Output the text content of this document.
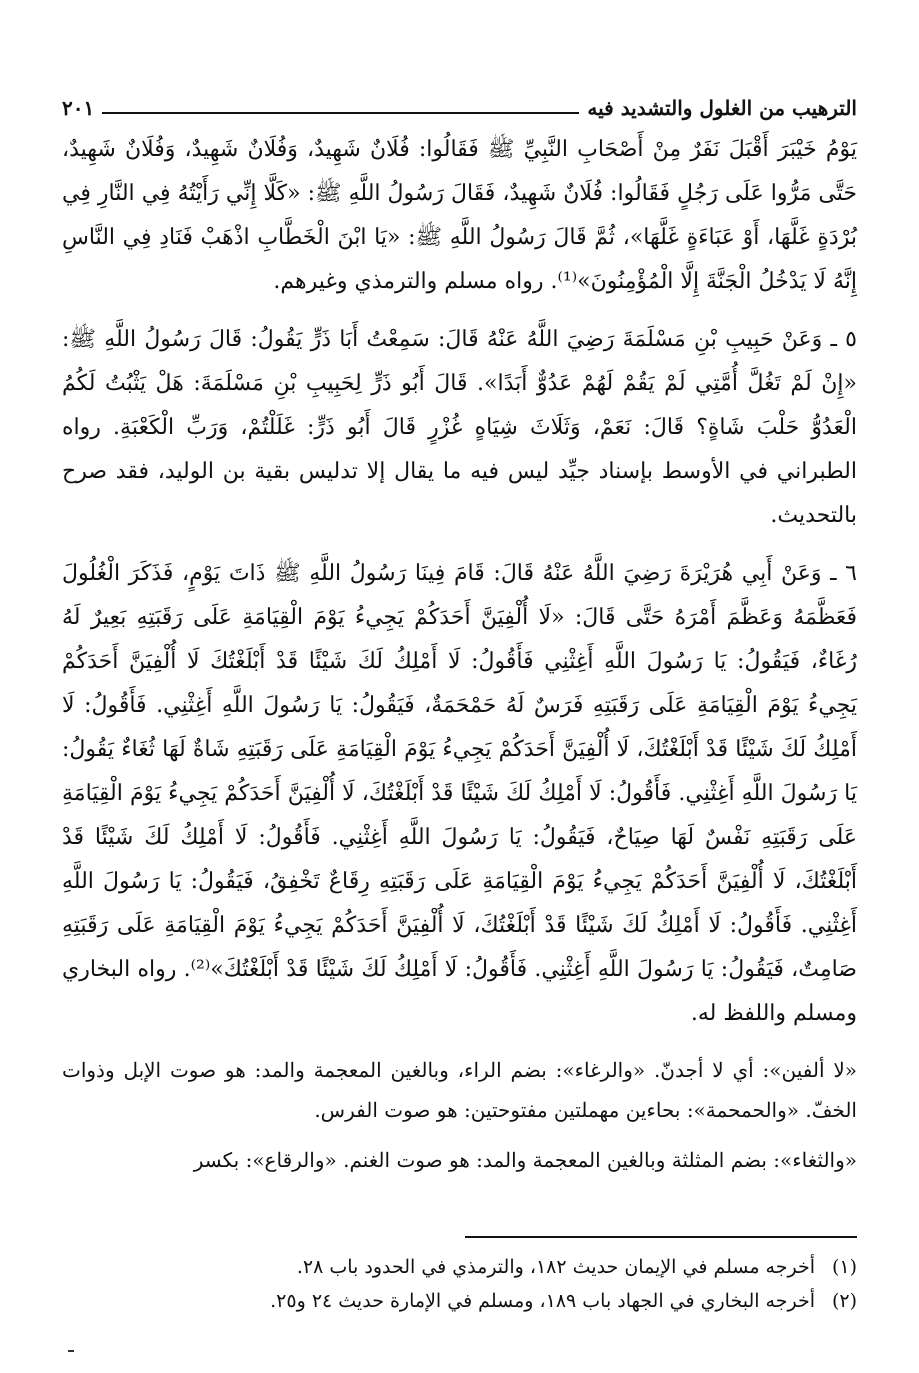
الترهيب من الغلول والتشديد فيه
٢٠١

يَوْمُ خَيْبَرَ أَقْبَلَ نَفَرٌ مِنْ أَصْحَابِ النَّبِيِّ ﷺ فَقَالُوا: فُلَانٌ شَهِيدٌ، وَفُلَانٌ شَهِيدٌ، وَفُلَانٌ شَهِيدٌ، حَتَّى مَرُّوا عَلَى رَجُلٍ فَقَالُوا: فُلَانٌ شَهِيدٌ، فَقَالَ رَسُولُ اللَّهِ ﷺ: «كَلَّا إِنِّي رَأَيْتُهُ فِي النَّارِ فِي بُرْدَةٍ غَلَّهَا، أَوْ عَبَاءَةٍ غَلَّهَا»، ثُمَّ قَالَ رَسُولُ اللَّهِ ﷺ: «يَا ابْنَ الْخَطَّابِ اذْهَبْ فَنَادِ فِي النَّاسِ إِنَّهُ لَا يَدْخُلُ الْجَنَّةَ إِلَّا الْمُؤْمِنُونَ»⁽¹⁾. رواه مسلم والترمذي وغيرهم.

٥ ـ وَعَنْ حَبِيبِ بْنِ مَسْلَمَةَ رَضِيَ اللَّهُ عَنْهُ قَالَ: سَمِعْتُ أَبَا ذَرٍّ يَقُولُ: قَالَ رَسُولُ اللَّهِ ﷺ: «إِنْ لَمْ تَغُلَّ أُمَّتِي لَمْ يَقُمْ لَهُمْ عَدُوٌّ أَبَدًا». قَالَ أَبُو ذَرٍّ لِحَبِيبِ بْنِ مَسْلَمَةَ: هَلْ يَثْبُتُ لَكُمُ الْعَدُوُّ حَلْبَ شَاةٍ؟ قَالَ: نَعَمْ، وَثَلَاثَ شِيَاهٍ غُزْرٍ قَالَ أَبُو ذَرٍّ: غَلَلْتُمْ، وَرَبِّ الْكَعْبَةِ. رواه الطبراني في الأوسط بإسناد جيِّد ليس فيه ما يقال إلا تدليس بقية بن الوليد، فقد صرح بالتحديث.

٦ ـ وَعَنْ أَبِي هُرَيْرَةَ رَضِيَ اللَّهُ عَنْهُ قَالَ: قَامَ فِينَا رَسُولُ اللَّهِ ﷺ ذَاتَ يَوْمٍ، فَذَكَرَ الْغُلُولَ فَعَظَّمَهُ وَعَظَّمَ أَمْرَهُ حَتَّى قَالَ: «لَا أُلْفِيَنَّ أَحَدَكُمْ يَجِيءُ يَوْمَ الْقِيَامَةِ عَلَى رَقَبَتِهِ بَعِيرٌ لَهُ رُغَاءٌ، فَيَقُولُ: يَا رَسُولَ اللَّهِ أَغِثْنِي فَأَقُولُ: لَا أَمْلِكُ لَكَ شَيْئًا قَدْ أَبْلَغْتُكَ لَا أُلْفِيَنَّ أَحَدَكُمْ يَجِيءُ يَوْمَ الْقِيَامَةِ عَلَى رَقَبَتِهِ فَرَسٌ لَهُ حَمْحَمَةٌ، فَيَقُولُ: يَا رَسُولَ اللَّهِ أَغِثْنِي. فَأَقُولُ: لَا أَمْلِكُ لَكَ شَيْئًا قَدْ أَبْلَغْتُكَ، لَا أُلْفِيَنَّ أَحَدَكُمْ يَجِيءُ يَوْمَ الْقِيَامَةِ عَلَى رَقَبَتِهِ شَاةٌ لَهَا ثُغَاءٌ يَقُولُ: يَا رَسُولَ اللَّهِ أَغِثْنِي. فَأَقُولُ: لَا أَمْلِكُ لَكَ شَيْئًا قَدْ أَبْلَغْتُكَ، لَا أُلْفِيَنَّ أَحَدَكُمْ يَجِيءُ يَوْمَ الْقِيَامَةِ عَلَى رَقَبَتِهِ نَفْسٌ لَهَا صِيَاحٌ، فَيَقُولُ: يَا رَسُولَ اللَّهِ أَغِثْنِي. فَأَقُولُ: لَا أَمْلِكُ لَكَ شَيْئًا قَدْ أَبْلَغْتُكَ، لَا أُلْفِيَنَّ أَحَدَكُمْ يَجِيءُ يَوْمَ الْقِيَامَةِ عَلَى رَقَبَتِهِ رِقَاعٌ تَخْفِقُ، فَيَقُولُ: يَا رَسُولَ اللَّهِ أَغِثْنِي. فَأَقُولُ: لَا أَمْلِكُ لَكَ شَيْئًا قَدْ أَبْلَغْتُكَ، لَا أُلْفِيَنَّ أَحَدَكُمْ يَجِيءُ يَوْمَ الْقِيَامَةِ عَلَى رَقَبَتِهِ صَامِتٌ، فَيَقُولُ: يَا رَسُولَ اللَّهِ أَغِثْنِي. فَأَقُولُ: لَا أَمْلِكُ لَكَ شَيْئًا قَدْ أَبْلَغْتُكَ»⁽²⁾. رواه البخاري ومسلم واللفظ له.

«لا ألفين»: أي لا أجدنّ. «والرغاء»: بضم الراء، وبالغين المعجمة والمد: هو صوت الإبل وذوات الخفّ. «والحمحمة»: بحاءين مهملتين مفتوحتين: هو صوت الفرس.

«والثغاء»: بضم المثلثة وبالغين المعجمة والمد: هو صوت الغنم. «والرقاع»: بكسر

(١)
أخرجه مسلم في الإيمان حديث ١٨٢، والترمذي في الحدود باب ٢٨.
(٢)
أخرجه البخاري في الجهاد باب ١٨٩، ومسلم في الإمارة حديث ٢٤ و٢٥.
